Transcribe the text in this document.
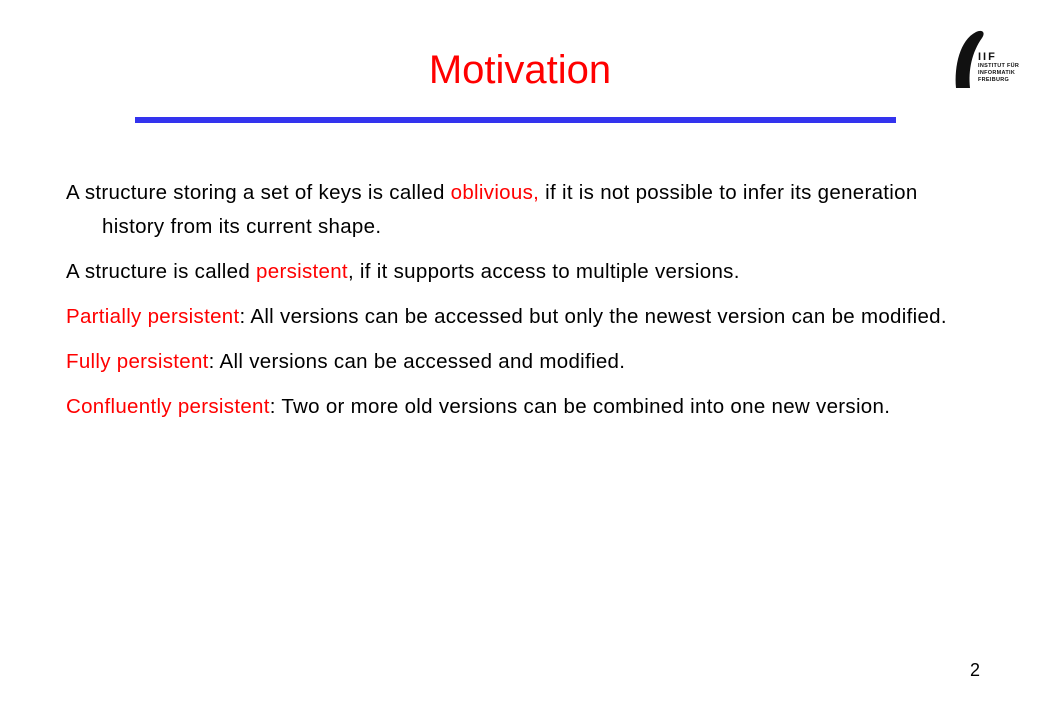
Motivation	IIF
INSTITUT FÜR
INFORMATIK
FREIBURG

A structure storing a set of keys is called oblivious, if it is not possible to infer its generation history from its current shape.

A structure is called persistent, if it supports access to multiple versions.

Partially persistent: All versions can be accessed but only the newest version can be modified.

Fully persistent: All versions can be accessed and modified.

Confluently persistent: Two or more old versions can be combined into one new version.

2
